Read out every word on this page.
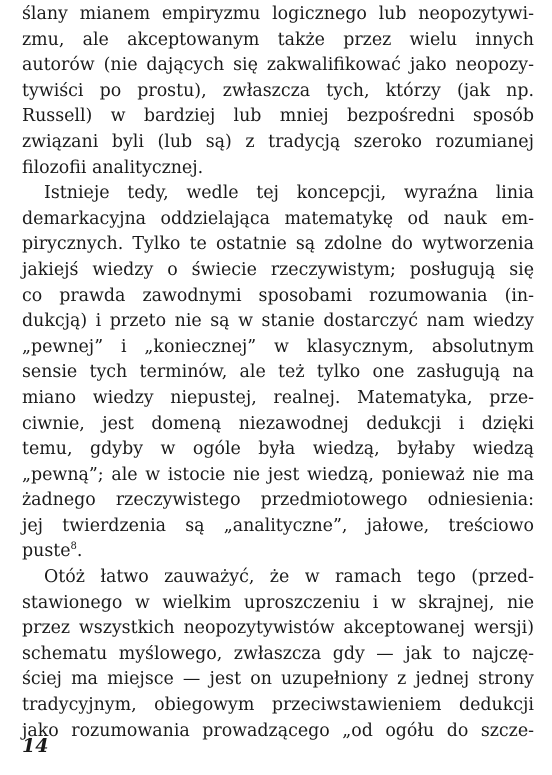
ślany mianem empiryzmu logicznego lub neopozytywi-
zmu, ale akceptowanym także przez wielu innych
autorów (nie dających się zakwalifikować jako neopozy-
tywiści po prostu), zwłaszcza tych, którzy (jak np.
Russell) w bardziej lub mniej bezpośredni sposób
związani byli (lub są) z tradycją szeroko rozumianej
filozofii analitycznej.

Istnieje tedy, wedle tej koncepcji, wyraźna linia
demarkacyjna oddzielająca matematykę od nauk em-
pirycznych. Tylko te ostatnie są zdolne do wytworzenia
jakiejś wiedzy o świecie rzeczywistym; posługują się
co prawda zawodnymi sposobami rozumowania (in-
dukcją) i przeto nie są w stanie dostarczyć nam wiedzy
„pewnej” i „koniecznej” w klasycznym, absolutnym
sensie tych terminów, ale też tylko one zasługują na
miano wiedzy niepustej, realnej. Matematyka, prze-
ciwnie, jest domeną niezawodnej dedukcji i dzięki
temu, gdyby w ogóle była wiedzą, byłaby wiedzą
„pewną”; ale w istocie nie jest wiedzą, ponieważ nie ma
żadnego rzeczywistego przedmiotowego odniesienia:
jej twierdzenia są „analityczne”, jałowe, treściowo
puste$^8$.

Otóż łatwo zauważyć, że w ramach tego (przed-
stawionego w wielkim uproszczeniu i w skrajnej, nie
przez wszystkich neopozytywistów akceptowanej wersji)
schematu myślowego, zwłaszcza gdy — jak to najczę-
ściej ma miejsce — jest on uzupełniony z jednej strony
tradycyjnym, obiegowym przeciwstawieniem dedukcji
jako rozumowania prowadzącego „od ogółu do szcze-

14
